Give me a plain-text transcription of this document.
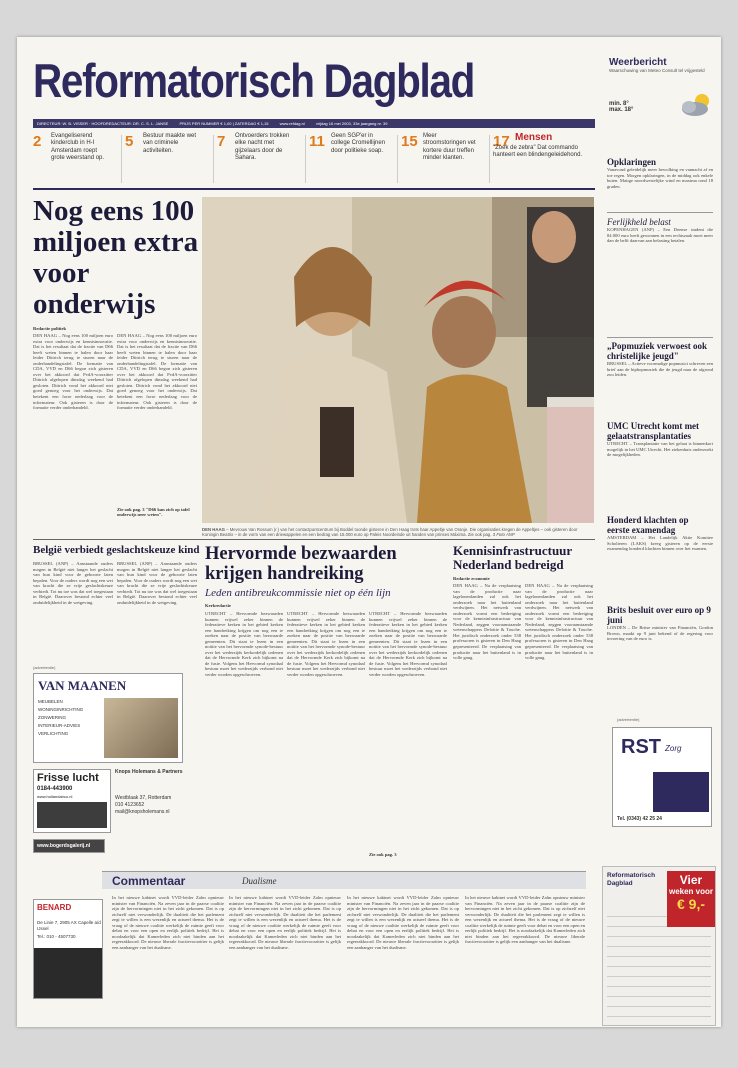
Reformatorisch Dagblad	Weerbericht

Waarschuwing van Meteo Consult tel vrijgesteld

min. 8°
max. 18°
DIRECTEUR: W. B. VISSER · HOOFDREDACTEUR: DR. C. S. L. JANSE	PRIJS PER NUMMER € 1,00 | ZATERDAG € 1,15	www.refdag.nl	vrijdag 16 mei 2003, 33e jaargang nr. 39
2 Evangeliserend kinderclub in H-I Amsterdam roept grote weerstand op.

5 Bestuur maakte wet van criminele activiteiten.

7 Ontvoerders trokken elke nacht met gijzelaars door de Sahara.

11 Geen SGP'er in college Cromellijnen door politieke soap.

15 Meer stroomstoringen vet kortere duur treffen minder klanten.

17 Mensen

"Zoek de zebra" Dat commando hanteert een blindengeleidehond.

Nog eens 100 miljoen extra voor onderwijs
Redactie politiek
DEN HAAG – Nog eens 100 miljoen euro extra voor onderwijs en kennisinnovatie. Dat is het resultaat dat de fractie van D66 heeft weten binnen te halen door haar leider Dittrich terug te sturen naar de onderhandelingstafel. De formatie van CDA, VVD en D66 begon zich gisteren over het akkoord dat PvdA-voorzitter Dittrich afgelopen dinsdag weekend had gesloten. Dittrich vond het akkoord niet goed genoeg voor het onderwijs. Dat betekent een forse nederlaag voor de informateur. Ook gisteren is door de formatie verder onderhandeld.
DEN HAAG – Nog eens 100 miljoen euro extra voor onderwijs en kennisinnovatie. Dat is het resultaat dat de fractie van D66 heeft weten binnen te halen door haar leider Dittrich terug te sturen naar de onderhandelingstafel. De formatie van CDA, VVD en D66 begon zich gisteren over het akkoord dat PvdA-voorzitter Dittrich afgelopen dinsdag weekend had gesloten. Dittrich vond het akkoord niet goed genoeg voor het onderwijs. Dat betekent een forse nederlaag voor de informateur. Ook gisteren is door de formatie verder onderhandeld.
Zie ook pag. 3 "D66 kan zich op tafel onderwijs neer weten".
DEN HAAG – Mevrouw Van Rossum (r.) van het contactpuntcentrum bij Boddel toonde gisteren in Den Haag trots haar Appeltje van Oranje. Die organisaties kregen de Appeltjes – ook gisteren door Koningin Beatrix – in de vorm van een driewappelen en een bedrag van 15.000 euro op Paleis Noordeinde uit handen van prinses Máxima. Zie ook pag. 3 Foto ANP
België verbiedt geslachtskeuze kind
BRUSSEL (ANP) – Aanstaande ouders mogen in België niet langer het geslacht van hun kind voor de geboorte laten bepalen. Voor de ouders wordt nog een wet van kracht die ze vrije geslachtskeuze verbiedt. Tot nu toe was dat wel toegestaan in België. Daarover bestond echter veel onduidelijkheid in de wetgeving.
BRUSSEL (ANP) – Aanstaande ouders mogen in België niet langer het geslacht van hun kind voor de geboorte laten bepalen. Voor de ouders wordt nog een wet van kracht die ze vrije geslachtskeuze verbiedt. Tot nu toe was dat wel toegestaan in België. Daarover bestond echter veel onduidelijkheid in de wetgeving.
Hervormde bezwaarden krijgen handreiking
Leden antibreukcommissie niet op één lijn
Kerkredactie
UTRECHT – Hervormde bezwaarden kunnen vrijwel zeker binnen de federatieve kerken in het gebied kerken een handreiking krijgen om nog een te zoeken naar de positie van bezwaarde gemeenten. Dit staat te lezen in een notitie van het hervormde synode-bestuur over het wederzijds kerkordelijk ordenen dat de Hervormde Kerk zich bijkomt na de fusie. Volgens het Hervormd synodaal bestuur moet het wederzijds verbond niet verder worden opgeschroeven.
UTRECHT – Hervormde bezwaarden kunnen vrijwel zeker binnen de federatieve kerken in het gebied kerken een handreiking krijgen om nog een te zoeken naar de positie van bezwaarde gemeenten. Dit staat te lezen in een notitie van het hervormde synode-bestuur over het wederzijds kerkordelijk ordenen dat de Hervormde Kerk zich bijkomt na de fusie. Volgens het Hervormd synodaal bestuur moet het wederzijds verbond niet verder worden opgeschroeven.
UTRECHT – Hervormde bezwaarden kunnen vrijwel zeker binnen de federatieve kerken in het gebied kerken een handreiking krijgen om nog een te zoeken naar de positie van bezwaarde gemeenten. Dit staat te lezen in een notitie van het hervormde synode-bestuur over het wederzijds kerkordelijk ordenen dat de Hervormde Kerk zich bijkomt na de fusie. Volgens het Hervormd synodaal bestuur moet het wederzijds verbond niet verder worden opgeschroeven.
Zie ook pag. 3
Kennisinfrastructuur Nederland bedreigd
Redactie economie
DEN HAAG – Na de verplaatsing van de productie naar lagelonenlanden zal ook het onderzoek naar het buitenland verdwijnen. Het netwerk van onderzoek vormt een bedreiging voor de kennisinfrastructuur van Nederland, zeggen vooraanstaande wetenschappers Deloitte & Touche. Het juridisch onderzoek onder 538 professoren is gisteren in Den Haag gepresenteerd. De verplaatsing van productie naar het buitenland is in volle gang.
DEN HAAG – Na de verplaatsing van de productie naar lagelonenlanden zal ook het onderzoek naar het buitenland verdwijnen. Het netwerk van onderzoek vormt een bedreiging voor de kennisinfrastructuur van Nederland, zeggen vooraanstaande wetenschappers Deloitte & Touche. Het juridisch onderzoek onder 538 professoren is gisteren in Den Haag gepresenteerd. De verplaatsing van productie naar het buitenland is in volle gang.
(advertentie)
VAN MAANEN
MEUBELEN
WONINGINRICHTING
ZONWERING
INTERIEUR-ADVIES
VERLICHTING
Frisse lucht
0184-443900
www.hollandairco.nl
Knops Holemans & Partners
Westblaak 37, Rotterdam
010 4123652
mail@knopsholemans.nl
www.bogerdsgalerij.nl
BENARD
De Linie 7, 2905 AX Capelle a/d IJssel
Tel.: 010 - 4507730
Commentaar	Dualisme
In het nieuwe kabinet wordt VVD-leider Zalm opnieuw minister van Financiën. Na zeven jaar in de paarse coalitie zijn de hervormingen niet in het zicht gekomen. Dat is op zichzelf niet verwonderlijk. De dualiteit die het parlement zegt te willen is een wezenlijk en actueel thema. Het is de vraag of de nieuwe coalitie werkelijk de ruimte geeft voor debat en voor een open en eerlijk politiek bedrijf. Het is noodzakelijk dat Kamerleden zich niet binden aan het regeerakkoord. De nieuwe liberale fractievoorzitter is gelijk een aanhanger van het dualisme.
In het nieuwe kabinet wordt VVD-leider Zalm opnieuw minister van Financiën. Na zeven jaar in de paarse coalitie zijn de hervormingen niet in het zicht gekomen. Dat is op zichzelf niet verwonderlijk. De dualiteit die het parlement zegt te willen is een wezenlijk en actueel thema. Het is de vraag of de nieuwe coalitie werkelijk de ruimte geeft voor debat en voor een open en eerlijk politiek bedrijf. Het is noodzakelijk dat Kamerleden zich niet binden aan het regeerakkoord. De nieuwe liberale fractievoorzitter is gelijk een aanhanger van het dualisme.
In het nieuwe kabinet wordt VVD-leider Zalm opnieuw minister van Financiën. Na zeven jaar in de paarse coalitie zijn de hervormingen niet in het zicht gekomen. Dat is op zichzelf niet verwonderlijk. De dualiteit die het parlement zegt te willen is een wezenlijk en actueel thema. Het is de vraag of de nieuwe coalitie werkelijk de ruimte geeft voor debat en voor een open en eerlijk politiek bedrijf. Het is noodzakelijk dat Kamerleden zich niet binden aan het regeerakkoord. De nieuwe liberale fractievoorzitter is gelijk een aanhanger van het dualisme.
In het nieuwe kabinet wordt VVD-leider Zalm opnieuw minister van Financiën. Na zeven jaar in de paarse coalitie zijn de hervormingen niet in het zicht gekomen. Dat is op zichzelf niet verwonderlijk. De dualiteit die het parlement zegt te willen is een wezenlijk en actueel thema. Het is de vraag of de nieuwe coalitie werkelijk de ruimte geeft voor debat en voor een open en eerlijk politiek bedrijf. Het is noodzakelijk dat Kamerleden zich niet binden aan het regeerakkoord. De nieuwe liberale fractievoorzitter is gelijk een aanhanger van het dualisme.
Opklaringen
Vanavond geleidelijk meer bewolking en vannacht af en toe regen. Morgen opklaringen, in de middag ook enkele buien. Matige noordwestelijke wind en maxima rond 18 graden.
Ferlijkheld belast
KOPENHAGEN (ANP) – Een Deense student die 84.000 euro heeft gewonnen in een rechtszaak moet meer dan de helft daarvan aan belasting betalen.
„Popmuziek verwoest ook christelijke jeugd"
BRUSSEL – Actieve voormalige popmusici schreven een brief aan de hiphopmuziek die de jeugd naar de afgrond zou leiden.
UMC Utrecht komt met gelaatstransplantaties
UTRECHT – Transplantatie van het gelaat is binnenkort mogelijk in het UMC Utrecht. Het ziekenhuis onderzoekt de mogelijkheden.
Honderd klachten op eerste examendag
AMSTERDAM – Het Landelijk Aktie Komitee Scholieren (LAKS) kreeg gisteren op de eerste examendag honderd klachten binnen over het examen.
Brits besluit over euro op 9 juni
LONDEN – De Britse minister van Financiën, Gordon Brown, maakt op 9 juni bekend of de regering voor invoering van de euro is.
(advertentie)
RST Zorg
Tel. (0343) 42 25 24
Reformatorisch Dagblad	Vier
weken voor
€ 9,-
